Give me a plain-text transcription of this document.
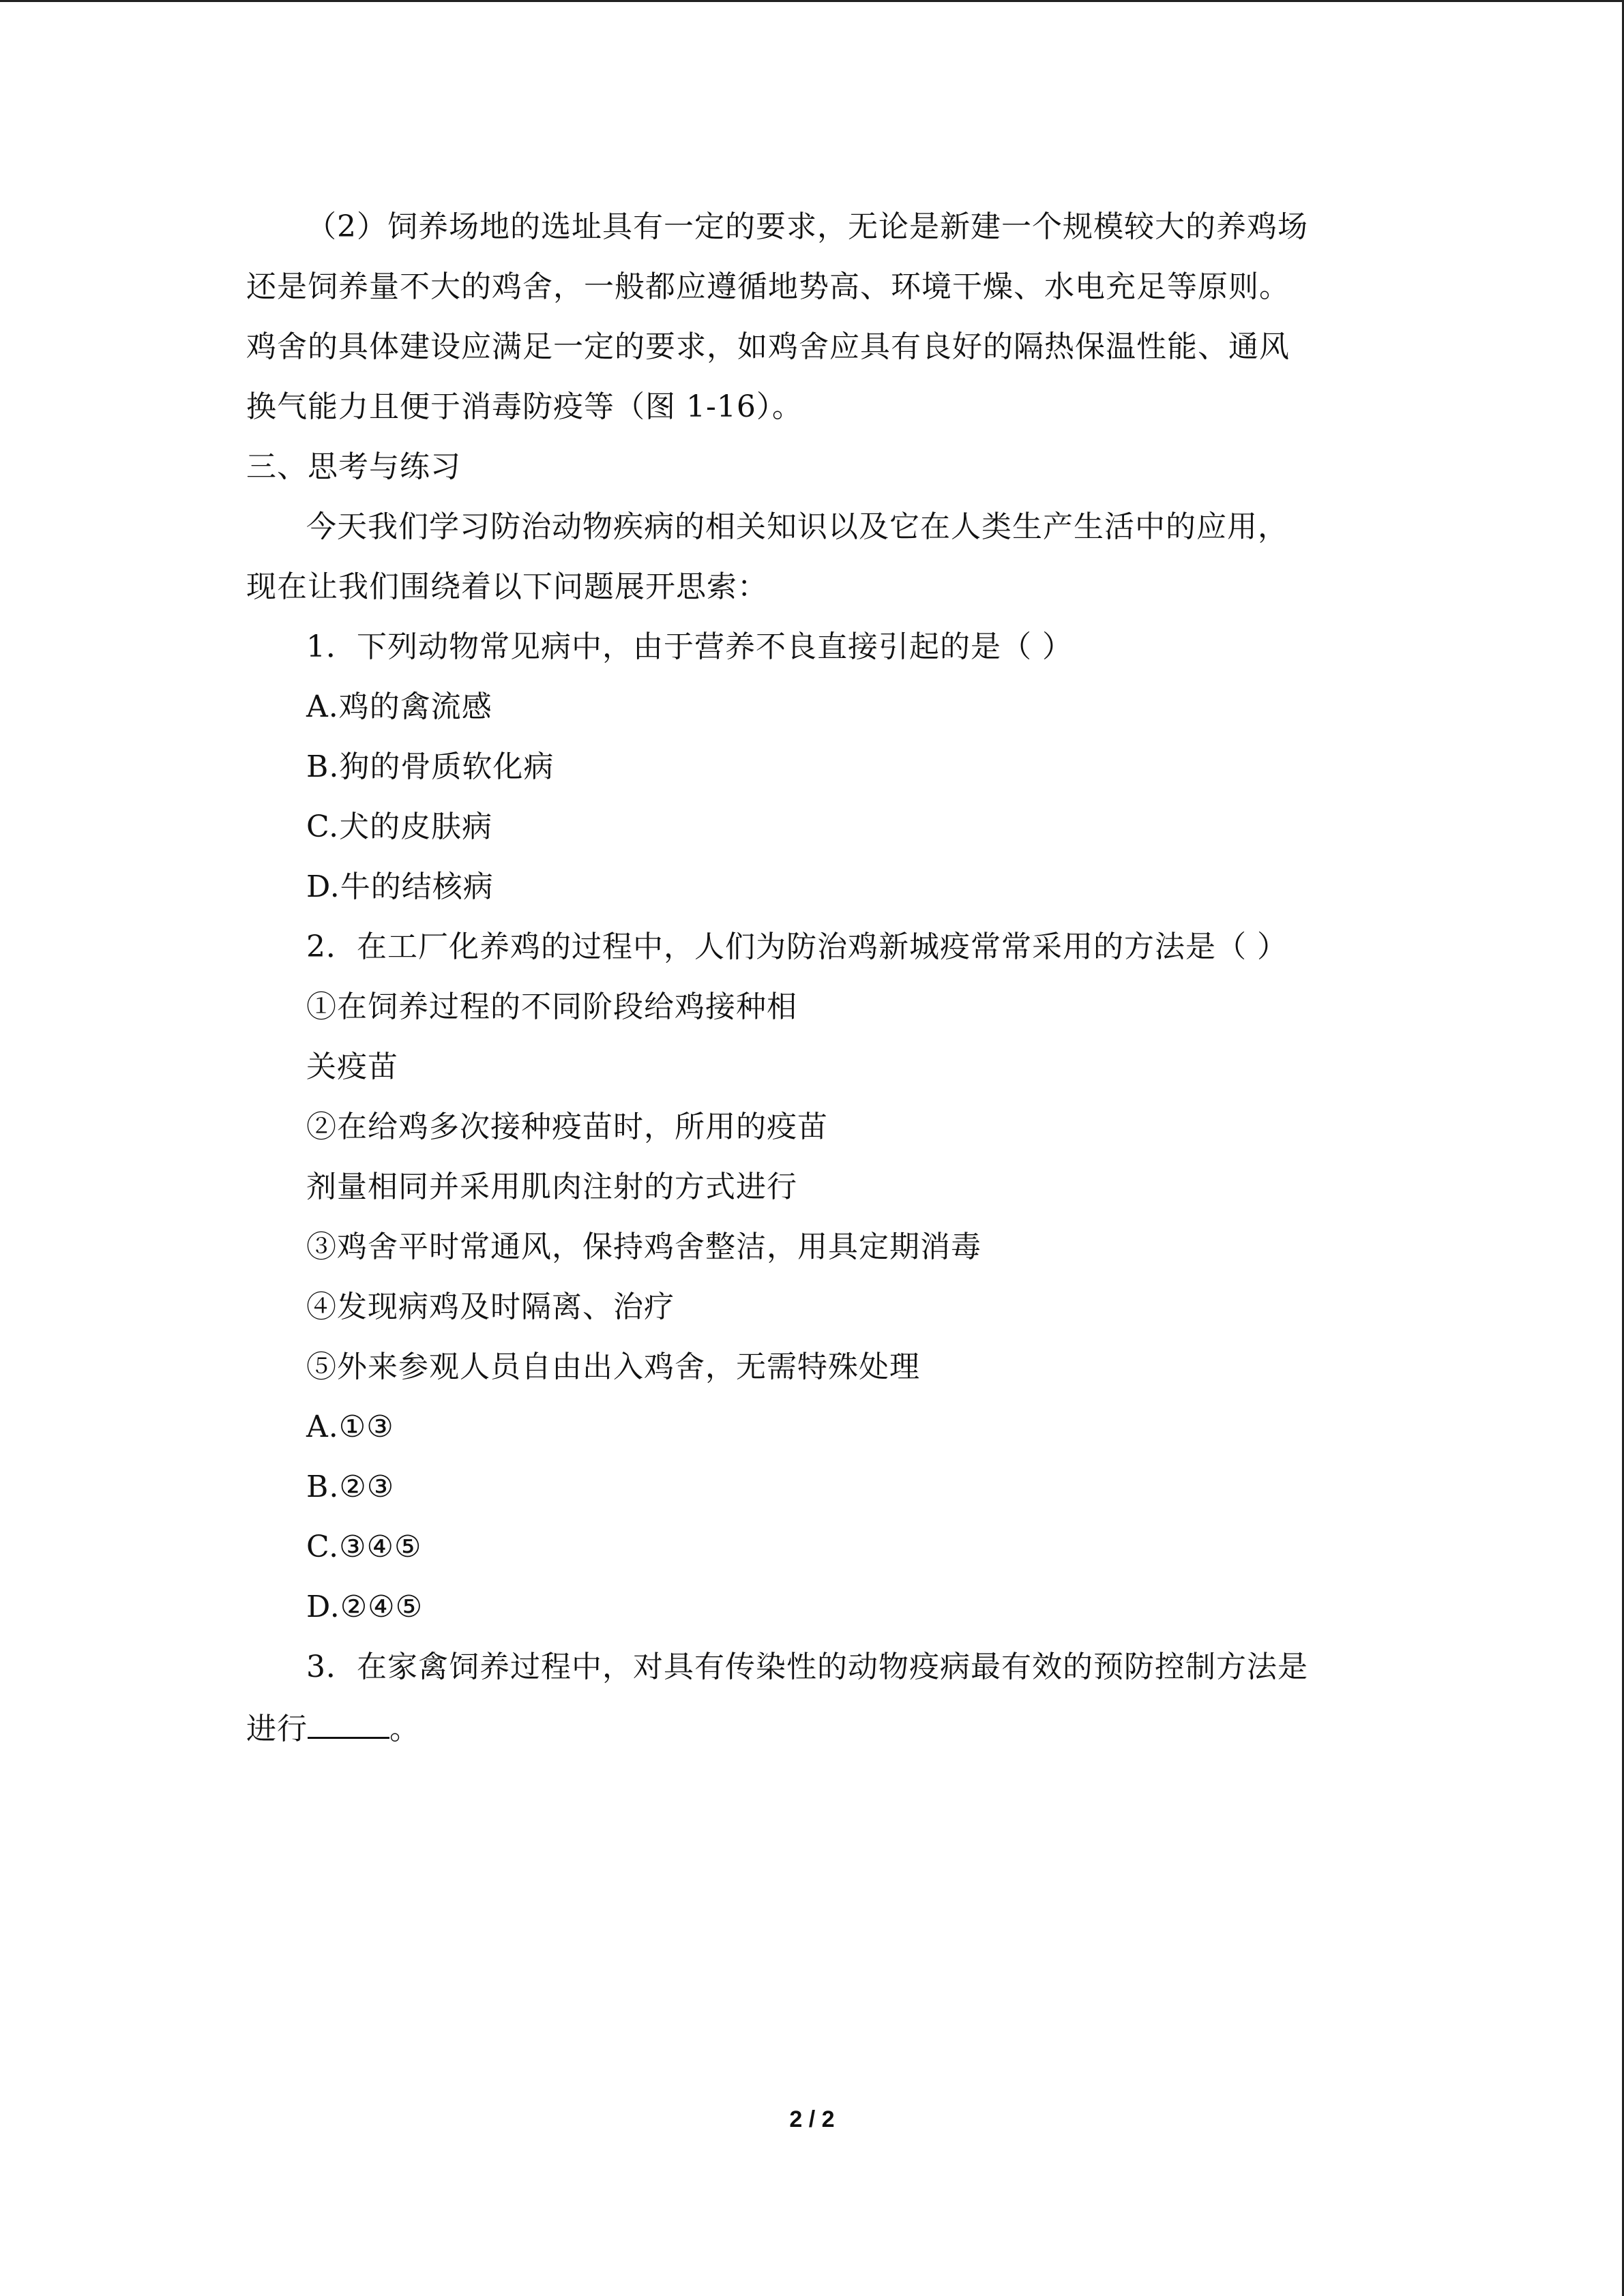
（2）饲养场地的选址具有一定的要求，无论是新建一个规模较大的养鸡场
还是饲养量不大的鸡舍，一般都应遵循地势高、环境干燥、水电充足等原则。
鸡舍的具体建设应满足一定的要求，如鸡舍应具有良好的隔热保温性能、通风
换气能力且便于消毒防疫等（图 1-16）。
三、思考与练习
今天我们学习防治动物疾病的相关知识以及它在人类生产生活中的应用，
现在让我们围绕着以下问题展开思索：
1．下列动物常见病中，由于营养不良直接引起的是（ ）
A.鸡的禽流感
B.狗的骨质软化病
C.犬的皮肤病
D.牛的结核病
2．在工厂化养鸡的过程中，人们为防治鸡新城疫常常采用的方法是（ ）
①在饲养过程的不同阶段给鸡接种相
关疫苗
②在给鸡多次接种疫苗时，所用的疫苗
剂量相同并采用肌肉注射的方式进行
③鸡舍平时常通风，保持鸡舍整洁，用具定期消毒
④发现病鸡及时隔离、治疗
⑤外来参观人员自由出入鸡舍，无需特殊处理
A.①③
B.②③
C.③④⑤
D.②④⑤
3．在家禽饲养过程中，对具有传染性的动物疫病最有效的预防控制方法是
进行	。
2 / 2
